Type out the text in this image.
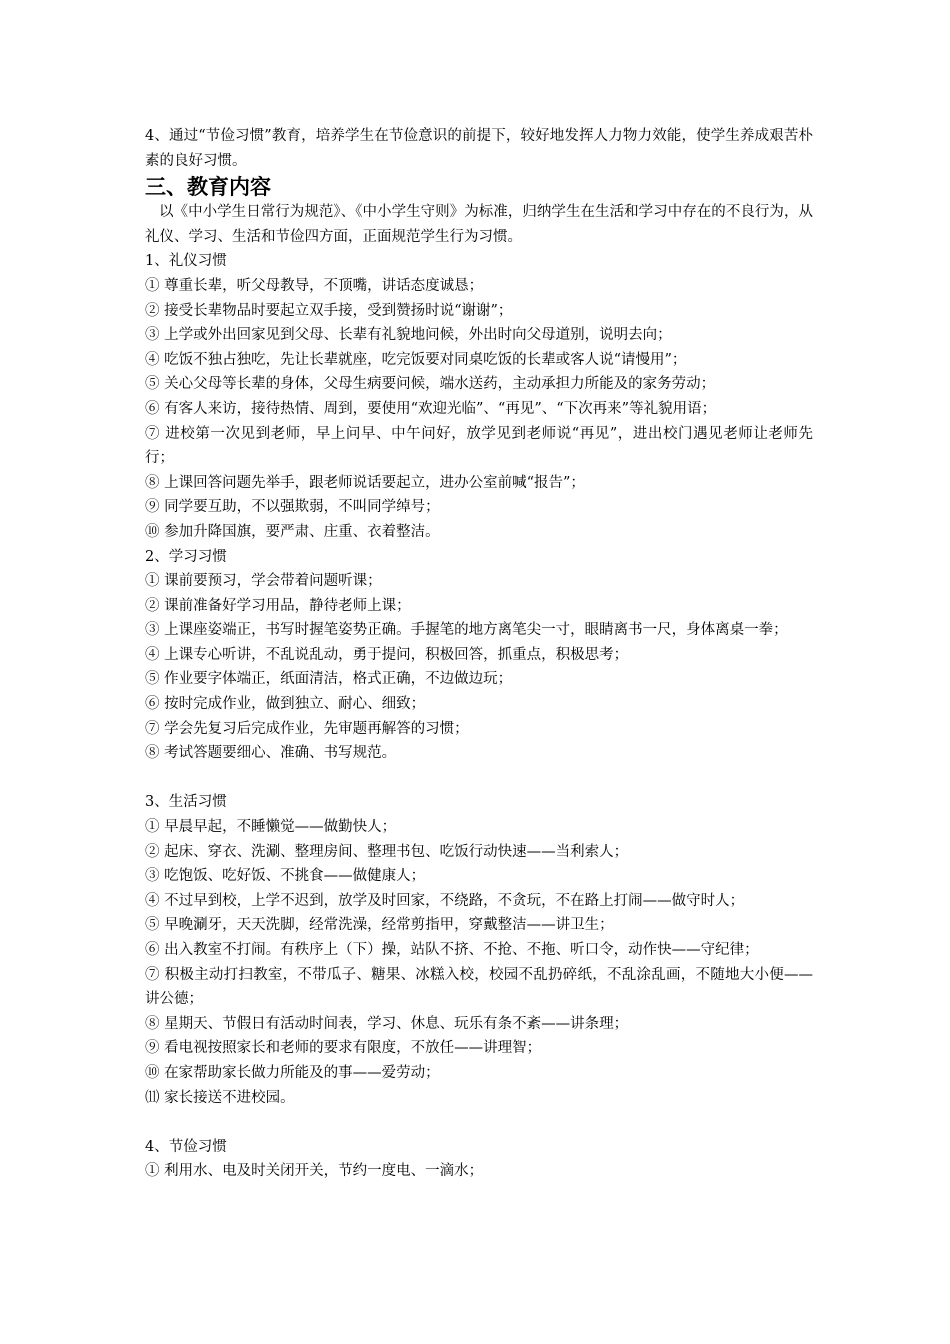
4、通过“节俭习惯”教育，培养学生在节俭意识的前提下，较好地发挥人力物力效能，使学生养成艰苦朴素的良好习惯。

三、教育内容

以《中小学生日常行为规范》、《中小学生守则》为标准，归纳学生在生活和学习中存在的不良行为，从礼仪、学习、生活和节俭四方面，正面规范学生行为习惯。

1、礼仪习惯

① 尊重长辈，听父母教导，不顶嘴，讲话态度诚恳；

② 接受长辈物品时要起立双手接，受到赞扬时说“谢谢”；

③ 上学或外出回家见到父母、长辈有礼貌地问候，外出时向父母道别，说明去向；

④ 吃饭不独占独吃，先让长辈就座，吃完饭要对同桌吃饭的长辈或客人说“请慢用”；

⑤ 关心父母等长辈的身体，父母生病要问候，端水送药，主动承担力所能及的家务劳动；

⑥ 有客人来访，接待热情、周到，要使用“欢迎光临”、“再见”、“下次再来”等礼貌用语；

⑦ 进校第一次见到老师，早上问早、中午问好，放学见到老师说“再见”，进出校门遇见老师让老师先行；

⑧ 上课回答问题先举手，跟老师说话要起立，进办公室前喊“报告”；

⑨ 同学要互助，不以强欺弱，不叫同学绰号；

⑩ 参加升降国旗，要严肃、庄重、衣着整洁。

2、学习习惯

① 课前要预习，学会带着问题听课；

② 课前准备好学习用品，静待老师上课；

③ 上课座姿端正，书写时握笔姿势正确。手握笔的地方离笔尖一寸，眼睛离书一尺，身体离桌一拳；

④ 上课专心听讲，不乱说乱动，勇于提问，积极回答，抓重点，积极思考；

⑤ 作业要字体端正，纸面清洁，格式正确，不边做边玩；

⑥ 按时完成作业，做到独立、耐心、细致；

⑦ 学会先复习后完成作业，先审题再解答的习惯；

⑧ 考试答题要细心、准确、书写规范。

3、生活习惯

① 早晨早起，不睡懒觉——做勤快人；

② 起床、穿衣、洗涮、整理房间、整理书包、吃饭行动快速——当利索人；

③ 吃饱饭、吃好饭、不挑食——做健康人；

④ 不过早到校，上学不迟到，放学及时回家，不绕路，不贪玩，不在路上打闹——做守时人；

⑤ 早晚涮牙，天天洗脚，经常洗澡，经常剪指甲，穿戴整洁——讲卫生；

⑥ 出入教室不打闹。有秩序上（下）操，站队不挤、不抢、不拖、听口令，动作快——守纪律；

⑦ 积极主动打扫教室，不带瓜子、糖果、冰糕入校，校园不乱扔碎纸，不乱涂乱画，不随地大小便——讲公德；

⑧ 星期天、节假日有活动时间表，学习、休息、玩乐有条不紊——讲条理；

⑨ 看电视按照家长和老师的要求有限度，不放任——讲理智；

⑩ 在家帮助家长做力所能及的事——爱劳动；

⑾ 家长接送不进校园。

4、节俭习惯

① 利用水、电及时关闭开关，节约一度电、一滴水；
